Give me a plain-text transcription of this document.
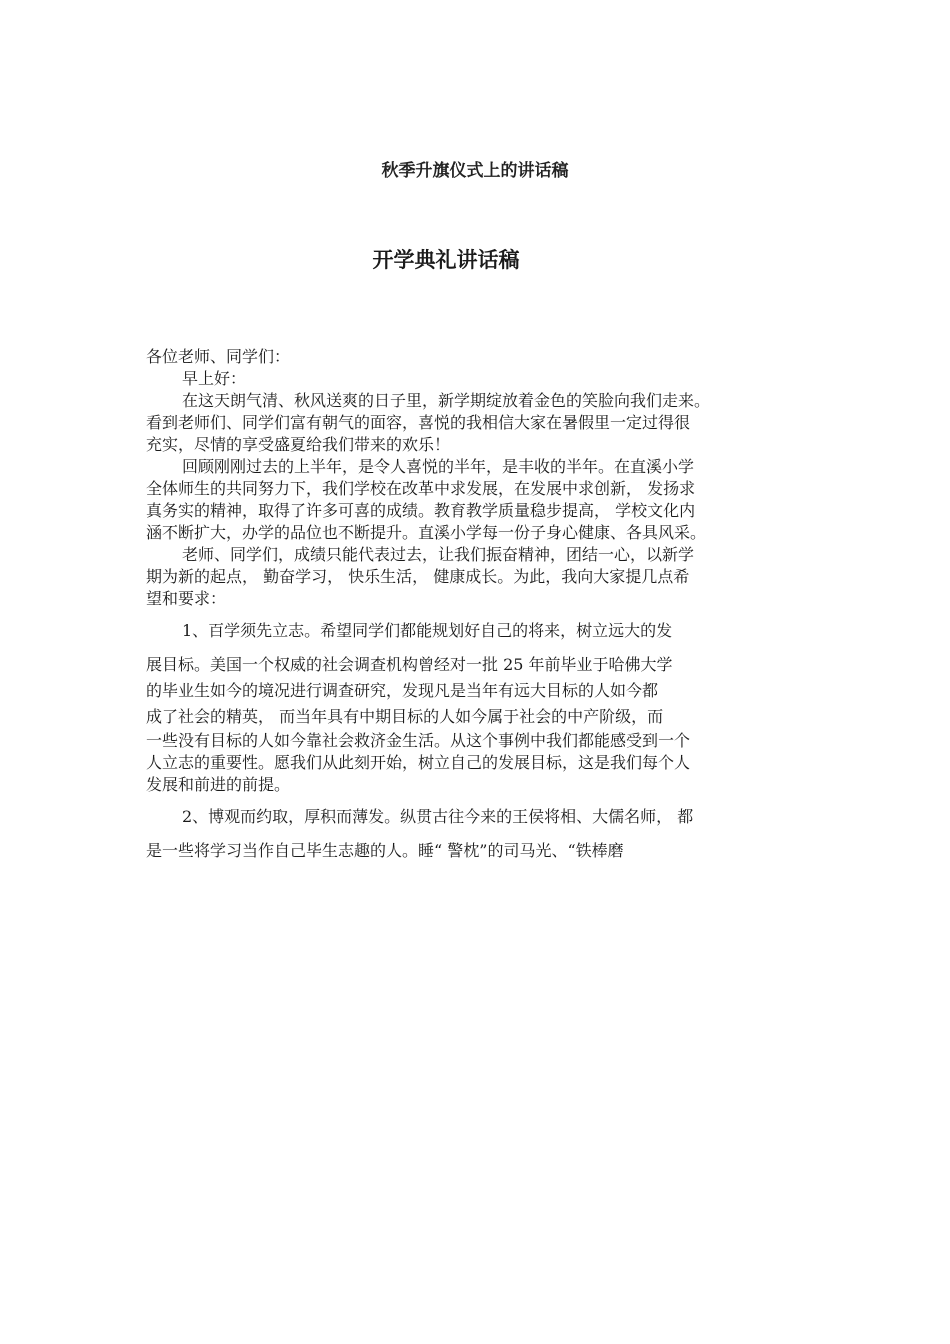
秋季升旗仪式上的讲话稿
开学典礼讲话稿
各位老师、同学们：
早上好：
在这天朗气清、秋风送爽的日子里，新学期绽放着金色的笑脸向我们走来。
看到老师们、同学们富有朝气的面容，喜悦的我相信大家在暑假里一定过得很
充实，尽情的享受盛夏给我们带来的欢乐！
回顾刚刚过去的上半年，是令人喜悦的半年，是丰收的半年。在直溪小学
全体师生的共同努力下，我们学校在改革中求发展，在发展中求创新， 发扬求
真务实的精神，取得了许多可喜的成绩。教育教学质量稳步提高， 学校文化内
涵不断扩大，办学的品位也不断提升。直溪小学每一份子身心健康、各具风采。
老师、同学们，成绩只能代表过去，让我们振奋精神，团结一心，以新学
期为新的起点， 勤奋学习， 快乐生活， 健康成长。为此，我向大家提几点希
望和要求：
1、百学须先立志。希望同学们都能规划好自己的将来，树立远大的发
展目标。美国一个权威的社会调查机构曾经对一批 25 年前毕业于哈佛大学
的毕业生如今的境况进行调查研究，发现凡是当年有远大目标的人如今都
成了社会的精英， 而当年具有中期目标的人如今属于社会的中产阶级，而
一些没有目标的人如今靠社会救济金生活。从这个事例中我们都能感受到一个
人立志的重要性。愿我们从此刻开始，树立自己的发展目标，这是我们每个人
发展和前进的前提。
2、博观而约取，厚积而薄发。纵贯古往今来的王侯将相、大儒名师， 都
是一些将学习当作自己毕生志趣的人。睡“ 警枕”的司马光、“铁棒磨
